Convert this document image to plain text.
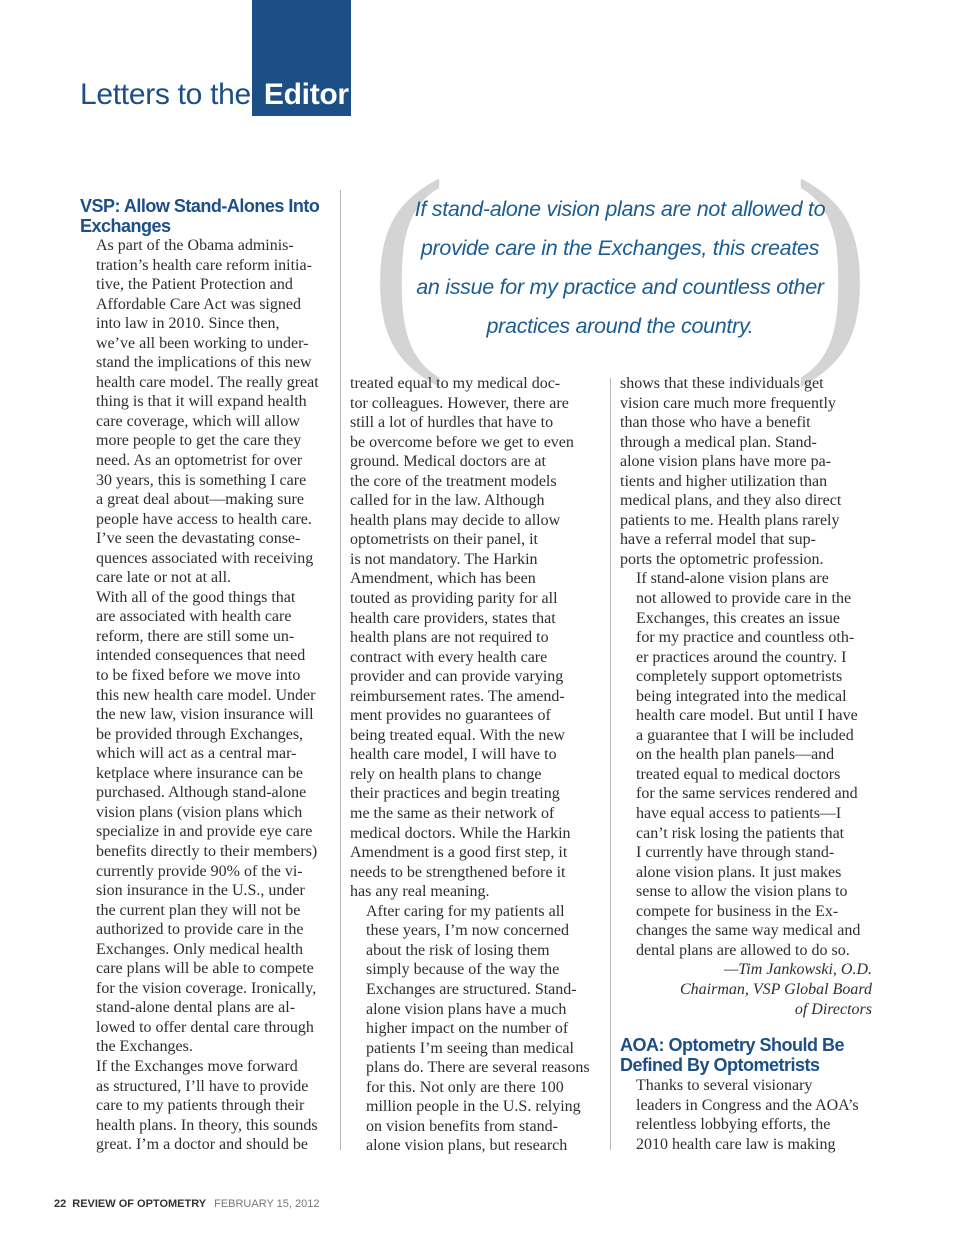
Letters to the Editor
( )
If stand-alone vision plans are not allowed to
provide care in the Exchanges, this creates
an issue for my practice and countless other
practices around the country.
VSP: Allow Stand-Alones Into
Exchanges

As part of the Obama adminis-
tration’s health care reform initia-
tive, the Patient Protection and
Affordable Care Act was signed
into law in 2010. Since then,
we’ve all been working to under-
stand the implications of this new
health care model. The really great
thing is that it will expand health
care coverage, which will allow
more people to get the care they
need. As an optometrist for over
30 years, this is something I care
a great deal about—making sure
people have access to health care.
I’ve seen the devastating conse-
quences associated with receiving
care late or not at all.

With all of the good things that
are associated with health care
reform, there are still some un-
intended consequences that need
to be fixed before we move into
this new health care model. Under
the new law, vision insurance will
be provided through Exchanges,
which will act as a central mar-
ketplace where insurance can be
purchased. Although stand-alone
vision plans (vision plans which
specialize in and provide eye care
benefits directly to their members)
currently provide 90% of the vi-
sion insurance in the U.S., under
the current plan they will not be
authorized to provide care in the
Exchanges. Only medical health
care plans will be able to compete
for the vision coverage. Ironically,
stand-alone dental plans are al-
lowed to offer dental care through
the Exchanges.

If the Exchanges move forward
as structured, I’ll have to provide
care to my patients through their
health plans. In theory, this sounds
great. I’m a doctor and should be

treated equal to my medical doc-
tor colleagues. However, there are
still a lot of hurdles that have to
be overcome before we get to even
ground. Medical doctors are at
the core of the treatment models
called for in the law. Although
health plans may decide to allow
optometrists on their panel, it
is not mandatory. The Harkin
Amendment, which has been
touted as providing parity for all
health care providers, states that
health plans are not required to
contract with every health care
provider and can provide varying
reimbursement rates. The amend-
ment provides no guarantees of
being treated equal. With the new
health care model, I will have to
rely on health plans to change
their practices and begin treating
me the same as their network of
medical doctors. While the Harkin
Amendment is a good first step, it
needs to be strengthened before it
has any real meaning.

After caring for my patients all
these years, I’m now concerned
about the risk of losing them
simply because of the way the
Exchanges are structured. Stand-
alone vision plans have a much
higher impact on the number of
patients I’m seeing than medical
plans do. There are several reasons
for this. Not only are there 100
million people in the U.S. relying
on vision benefits from stand-
alone vision plans, but research

shows that these individuals get
vision care much more frequently
than those who have a benefit
through a medical plan. Stand-
alone vision plans have more pa-
tients and higher utilization than
medical plans, and they also direct
patients to me. Health plans rarely
have a referral model that sup-
ports the optometric profession.

If stand-alone vision plans are
not allowed to provide care in the
Exchanges, this creates an issue
for my practice and countless oth-
er practices around the country. I
completely support optometrists
being integrated into the medical
health care model. But until I have
a guarantee that I will be included
on the health plan panels—and
treated equal to medical doctors
for the same services rendered and
have equal access to patients—I
can’t risk losing the patients that
I currently have through stand-
alone vision plans. It just makes
sense to allow the vision plans to
compete for business in the Ex-
changes the same way medical and
dental plans are allowed to do so.

—Tim Jankowski, O.D.
Chairman, VSP Global Board
of Directors

AOA: Optometry Should Be
Defined By Optometrists

Thanks to several visionary
leaders in Congress and the AOA’s
relentless lobbying efforts, the
2010 health care law is making

22 REVIEW OF OPTOMETRY FEBRUARY 15, 2012
